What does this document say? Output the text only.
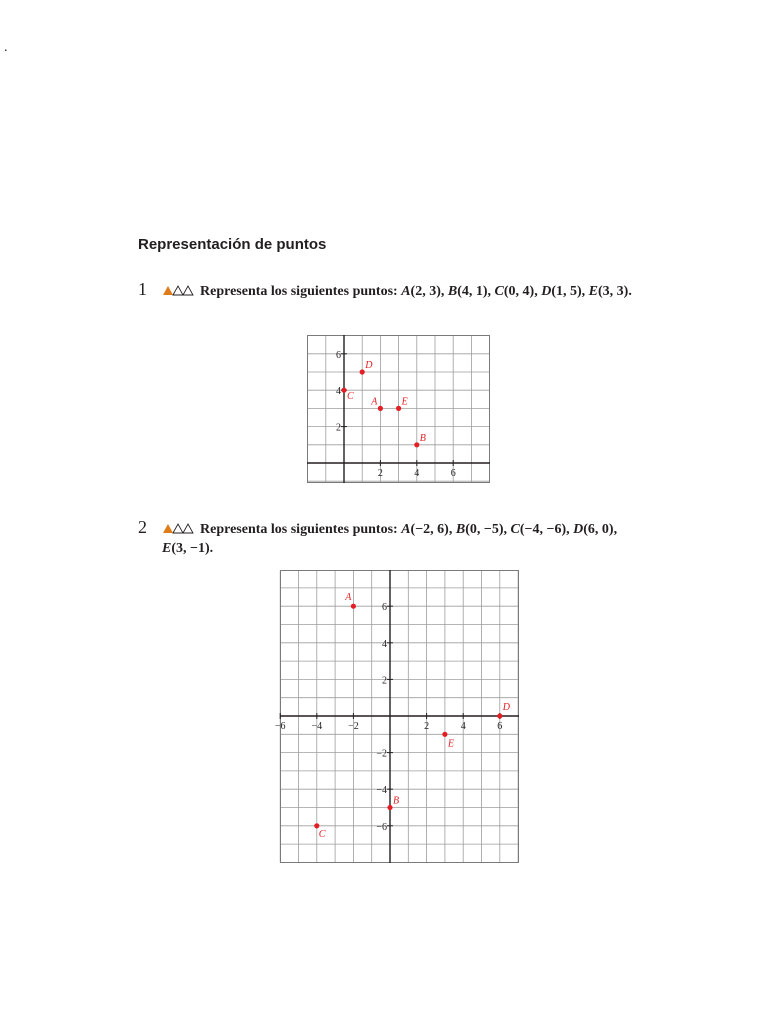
.
Representación de puntos
1	Representa los siguientes puntos: A(2, 3), B(4, 1), C(0, 4), D(1, 5), E(3, 3).
2	4	6
2
4
6
A
B
C
D
E
2	Representa los siguientes puntos: A(−2, 6), B(0, −5), C(−4, −6), D(6, 0), E(3, −1).
−6	−4	−2	2	4	6
−6
−4
−2
2
4
6
A
B
C
D
E
